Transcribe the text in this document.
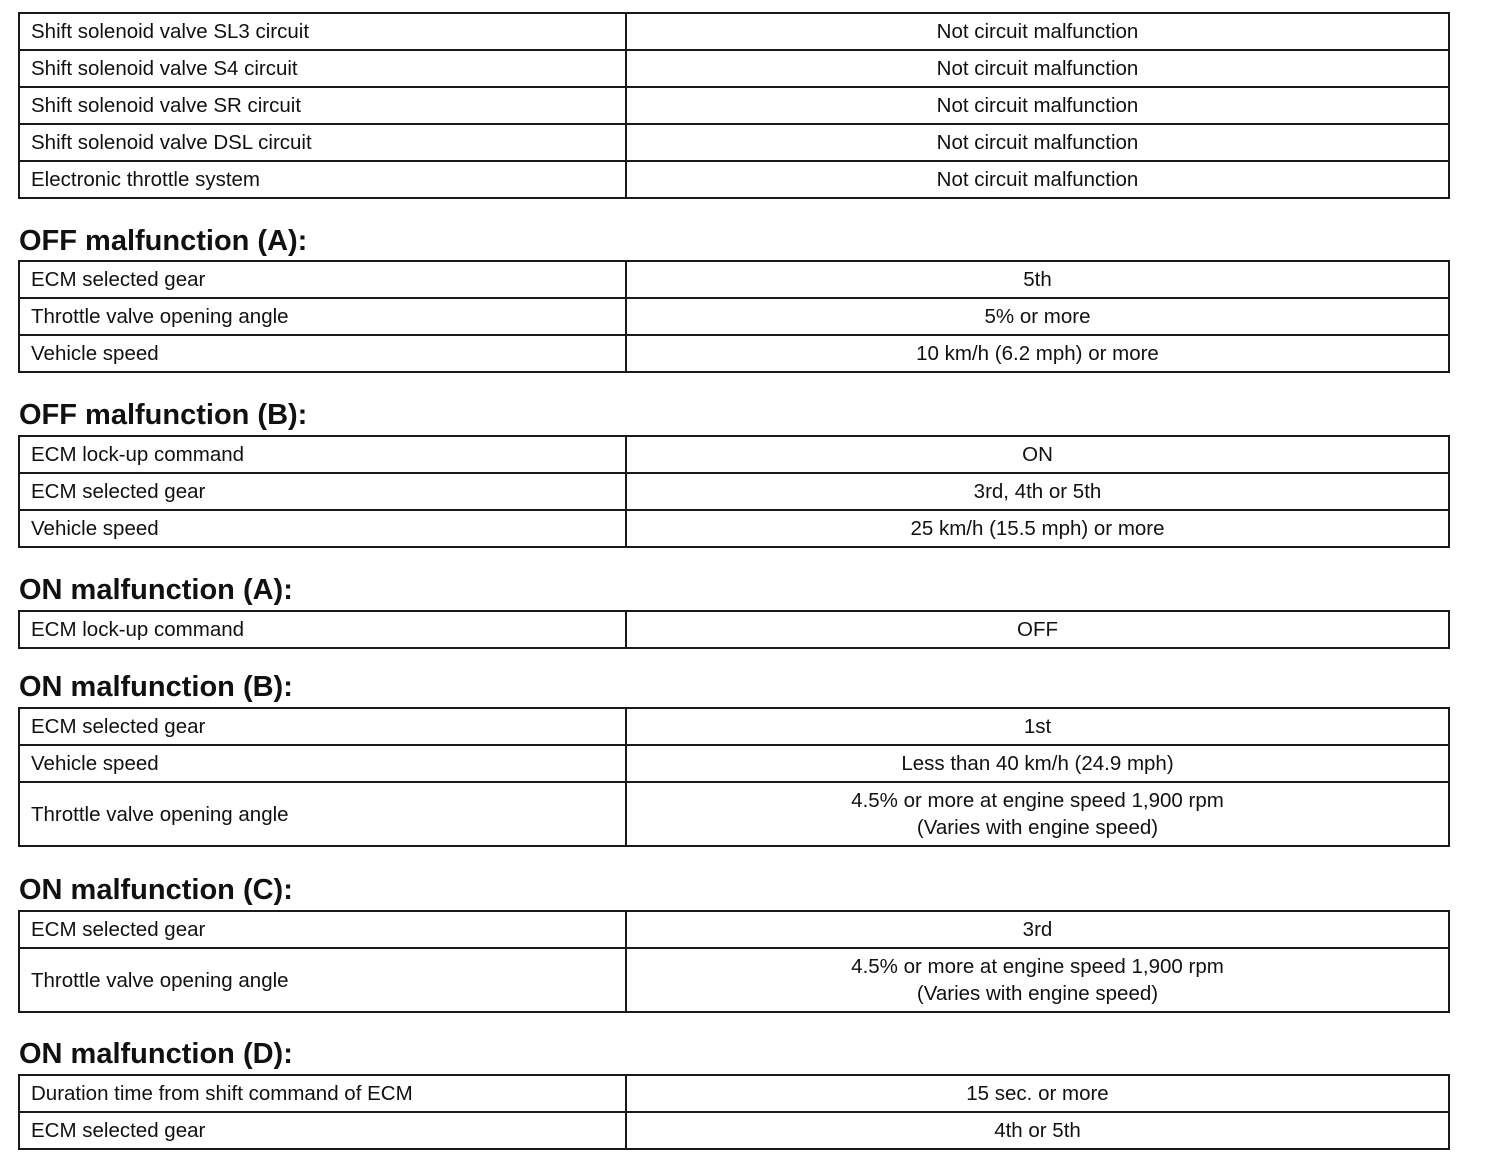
Shift solenoid valve SL3 circuit	Not circuit malfunction
Shift solenoid valve S4 circuit	Not circuit malfunction
Shift solenoid valve SR circuit	Not circuit malfunction
Shift solenoid valve DSL circuit	Not circuit malfunction
Electronic throttle system	Not circuit malfunction
OFF malfunction (A):
ECM selected gear	5th
Throttle valve opening angle	5% or more
Vehicle speed	10 km/h (6.2 mph) or more
OFF malfunction (B):
ECM lock-up command	ON
ECM selected gear	3rd, 4th or 5th
Vehicle speed	25 km/h (15.5 mph) or more
ON malfunction (A):
ECM lock-up command	OFF
ON malfunction (B):
ECM selected gear	1st
Vehicle speed	Less than 40 km/h (24.9 mph)
Throttle valve opening angle	4.5% or more at engine speed 1,900 rpm
(Varies with engine speed)
ON malfunction (C):
ECM selected gear	3rd
Throttle valve opening angle	4.5% or more at engine speed 1,900 rpm
(Varies with engine speed)
ON malfunction (D):
Duration time from shift command of ECM	15 sec. or more
ECM selected gear	4th or 5th
